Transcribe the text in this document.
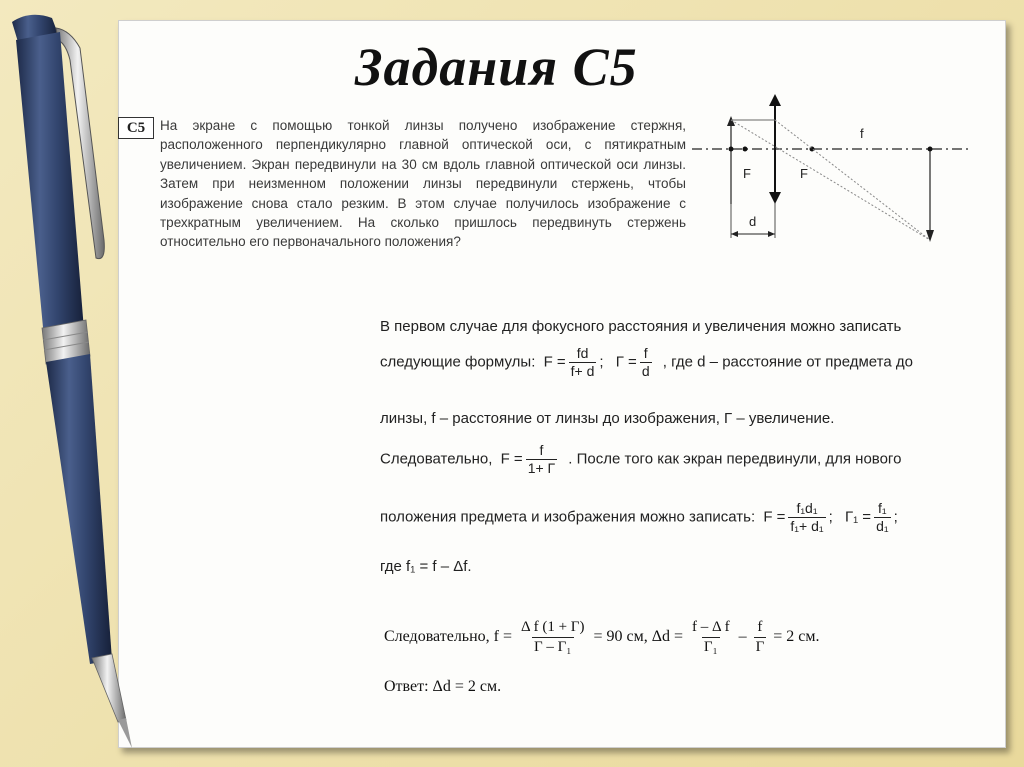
Задания С5
C5	На экране с помощью тонкой линзы получено изображение стержня, расположенного перпендикулярно главной оптической оси, с пятикратным увеличением. Экран передвинули на 30 см вдоль главной оптической оси линзы. Затем при неизменном положении линзы передвинули стержень, чтобы изображение снова стало резким. В этом случае получилось изображение с трехкратным увеличением. На сколько пришлось передвинуть стержень относительно его первоначального положения?
f
F	F
d
В первом случае для фокусного расстояния и увеличения можно записать
следующие формулы: $F = \frac{fd}{f+ d}$ ; $Г = \frac{f}{d}$ , где d – расстояние от предмета до
линзы, f – расстояние от линзы до изображения, Г – увеличение.
Следовательно, $F = \frac{f}{1+ Г}$ . После того как экран передвинули, для нового
положения предмета и изображения можно записать: $F = \frac{\text{f₁d₁}}{\text{f₁+ d₁}}$ ; $Г_1 = \frac{\text{f₁}}{\text{d₁}}$ ;
где f₁ = f – Δf.
Следовательно, $f = \frac{\text{Δ f (1 + Г)}}{\text{Г – Г₁}} = 90$ см, $\Delta d = \frac{\text{f – Δ f}}{\text{Г₁}} - \frac{f}{Г} = 2$ см.
Ответ: Δd = 2 см.
